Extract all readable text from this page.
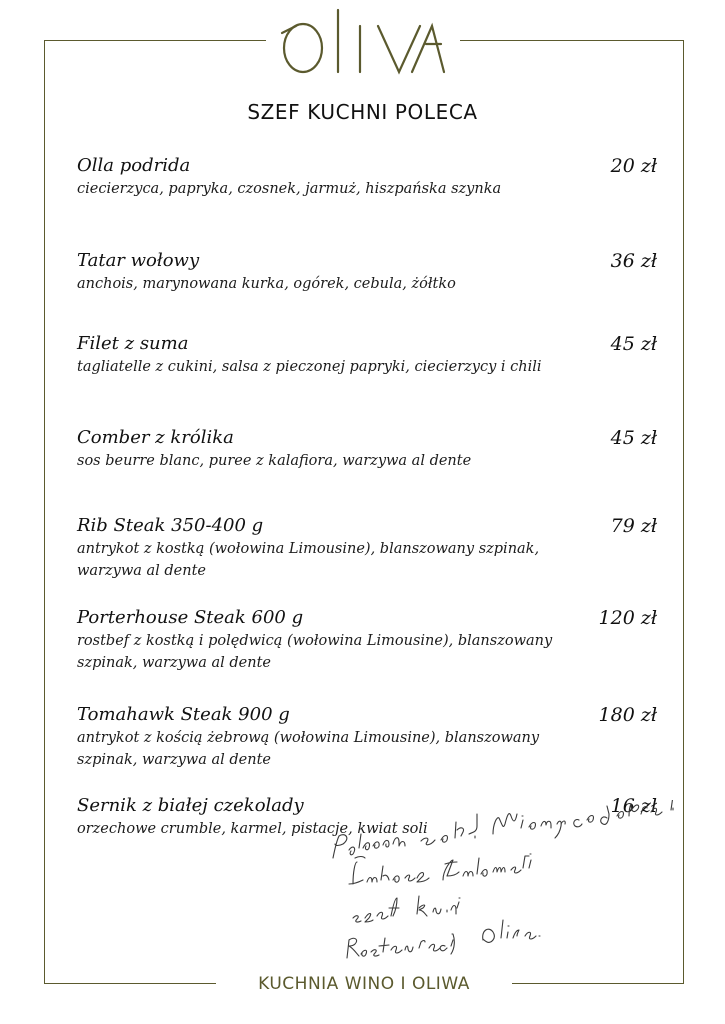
SZEF KUCHNI POLECA
Olla podrida
ciecierzyca, papryka, czosnek, jarmuż, hiszpańska szynka
20 zł
Tatar wołowy
anchois, marynowana kurka, ogórek, cebula, żółtko
36 zł
Filet z suma
tagliatelle z cukini, salsa z pieczonej papryki, ciecierzycy i chili
45 zł
Comber z królika
sos beurre blanc, puree z kalafiora, warzywa al dente
45 zł
Rib Steak 350-400 g
antrykot z kostką (wołowina Limousine), blanszowany szpinak, warzywa al dente
79 zł
Porterhouse Steak 600 g
rostbef z kostką i polędwicą (wołowina Limousine), blanszowany szpinak, warzywa al dente
120 zł
Tomahawk Steak 900 g
antrykot z kością żebrową (wołowina Limousine), blanszowany szpinak, warzywa al dente
180 zł
Sernik z białej czekolady
orzechowe crumble, karmel, pistacje, kwiat soli
16 zł
KUCHNIA WINO I OLIWA
